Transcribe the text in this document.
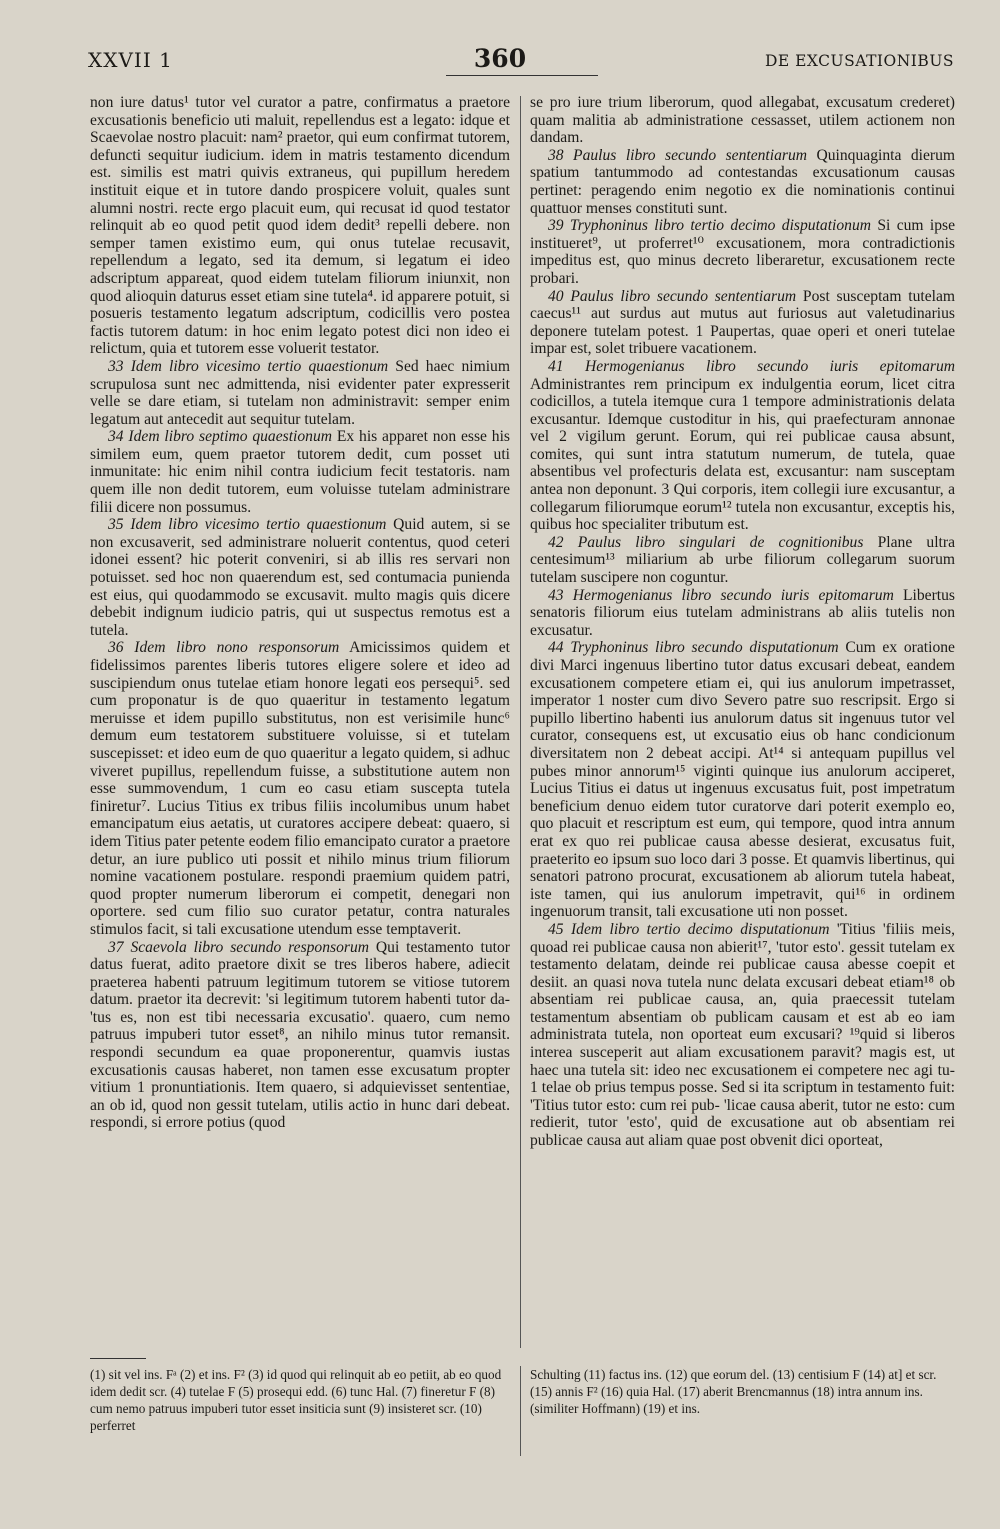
XXVII 1	360	DE EXCUSATIONIBUS

non iure datus¹ tutor vel curator a patre, confirmatus a praetore excusationis beneficio uti maluit, repellendus est a legato: idque et Scaevolae nostro placuit: nam² praetor, qui eum confirmat tutorem, defuncti sequitur iudicium. idem in matris testamento dicendum est. similis est matri quivis extraneus, qui pupillum heredem instituit eique et in tutore dando prospicere voluit, quales sunt alumni nostri. recte ergo placuit eum, qui recusat id quod testator relinquit ab eo quod petit quod idem dedit³ repelli debere. non semper tamen existimo eum, qui onus tutelae recusavit, repellendum a legato, sed ita demum, si legatum ei ideo adscriptum appareat, quod eidem tutelam filiorum iniunxit, non quod alioquin daturus esset etiam sine tutela⁴. id apparere potuit, si posueris testamento legatum adscriptum, codicillis vero postea factis tutorem datum: in hoc enim legato potest dici non ideo ei relictum, quia et tutorem esse voluerit testator.

33 Idem libro vicesimo tertio quaestionum Sed haec nimium scrupulosa sunt nec admittenda, nisi evidenter pater expresserit velle se dare etiam, si tutelam non administravit: semper enim legatum aut antecedit aut sequitur tutelam.

34 Idem libro septimo quaestionum Ex his apparet non esse his similem eum, quem praetor tutorem dedit, cum posset uti inmunitate: hic enim nihil contra iudicium fecit testatoris. nam quem ille non dedit tutorem, eum voluisse tutelam administrare filii dicere non possumus.

35 Idem libro vicesimo tertio quaestionum Quid autem, si se non excusaverit, sed administrare noluerit contentus, quod ceteri idonei essent? hic poterit conveniri, si ab illis res servari non potuisset. sed hoc non quaerendum est, sed contumacia punienda est eius, qui quodammodo se excusavit. multo magis quis dicere debebit indignum iudicio patris, qui ut suspectus remotus est a tutela.

36 Idem libro nono responsorum Amicissimos quidem et fidelissimos parentes liberis tutores eligere solere et ideo ad suscipiendum onus tutelae etiam honore legati eos persequi⁵. sed cum proponatur is de quo quaeritur in testamento legatum meruisse et idem pupillo substitutus, non est verisimile hunc⁶ demum eum testatorem substituere voluisse, si et tutelam suscepisset: et ideo eum de quo quaeritur a legato quidem, si adhuc viveret pupillus, repellendum fuisse, a substitutione autem non esse summovendum, 1 cum eo casu etiam suscepta tutela finiretur⁷. Lucius Titius ex tribus filiis incolumibus unum habet emancipatum eius aetatis, ut curatores accipere debeat: quaero, si idem Titius pater petente eodem filio emancipato curator a praetore detur, an iure publico uti possit et nihilo minus trium filiorum nomine vacationem postulare. respondi praemium quidem patri, quod propter numerum liberorum ei competit, denegari non oportere. sed cum filio suo curator petatur, contra naturales stimulos facit, si tali excusatione utendum esse temptaverit.

37 Scaevola libro secundo responsorum Qui testamento tutor datus fuerat, adito praetore dixit se tres liberos habere, adiecit praeterea habenti patruum legitimum tutorem se vitiose tutorem datum. praetor ita decrevit: 'si legitimum tutorem habenti tutor da- 'tus es, non est tibi necessaria excusatio'. quaero, cum nemo patruus impuberi tutor esset⁸, an nihilo minus tutor remansit. respondi secundum ea quae proponerentur, quamvis iustas excusationis causas haberet, non tamen esse excusatum propter vitium 1 pronuntiationis. Item quaero, si adquievisset sententiae, an ob id, quod non gessit tutelam, utilis actio in hunc dari debeat. respondi, si errore potius (quod

se pro iure trium liberorum, quod allegabat, excusatum crederet) quam malitia ab administratione cessasset, utilem actionem non dandam.

38 Paulus libro secundo sententiarum Quinquaginta dierum spatium tantummodo ad contestandas excusationum causas pertinet: peragendo enim negotio ex die nominationis continui quattuor menses constituti sunt.

39 Tryphoninus libro tertio decimo disputationum Si cum ipse institueret⁹, ut proferret¹⁰ excusationem, mora contradictionis impeditus est, quo minus decreto liberaretur, excusationem recte probari.

40 Paulus libro secundo sententiarum Post susceptam tutelam caecus¹¹ aut surdus aut mutus aut furiosus aut valetudinarius deponere tutelam potest. 1 Paupertas, quae operi et oneri tutelae impar est, solet tribuere vacationem.

41 Hermogenianus libro secundo iuris epitomarum Administrantes rem principum ex indulgentia eorum, licet citra codicillos, a tutela itemque cura 1 tempore administrationis delata excusantur. Idemque custoditur in his, qui praefecturam annonae vel 2 vigilum gerunt. Eorum, qui rei publicae causa absunt, comites, qui sunt intra statutum numerum, de tutela, quae absentibus vel profecturis delata est, excusantur: nam susceptam antea non deponunt. 3 Qui corporis, item collegii iure excusantur, a collegarum filiorumque eorum¹² tutela non excusantur, exceptis his, quibus hoc specialiter tributum est.

42 Paulus libro singulari de cognitionibus Plane ultra centesimum¹³ miliarium ab urbe filiorum collegarum suorum tutelam suscipere non coguntur.

43 Hermogenianus libro secundo iuris epitomarum Libertus senatoris filiorum eius tutelam administrans ab aliis tutelis non excusatur.

44 Tryphoninus libro secundo disputationum Cum ex oratione divi Marci ingenuus libertino tutor datus excusari debeat, eandem excusationem competere etiam ei, qui ius anulorum impetrasset, imperator 1 noster cum divo Severo patre suo rescripsit. Ergo si pupillo libertino habenti ius anulorum datus sit ingenuus tutor vel curator, consequens est, ut excusatio eius ob hanc condicionum diversitatem non 2 debeat accipi. At¹⁴ si antequam pupillus vel pubes minor annorum¹⁵ viginti quinque ius anulorum acciperet, Lucius Titius ei datus ut ingenuus excusatus fuit, post impetratum beneficium denuo eidem tutor curatorve dari poterit exemplo eo, quo placuit et rescriptum est eum, qui tempore, quod intra annum erat ex quo rei publicae causa abesse desierat, excusatus fuit, praeterito eo ipsum suo loco dari 3 posse. Et quamvis libertinus, qui senatori patrono procurat, excusationem ab aliorum tutela habeat, iste tamen, qui ius anulorum impetravit, qui¹⁶ in ordinem ingenuorum transit, tali excusatione uti non posset.

45 Idem libro tertio decimo disputationum 'Titius 'filiis meis, quoad rei publicae causa non abierit¹⁷, 'tutor esto'. gessit tutelam ex testamento delatam, deinde rei publicae causa abesse coepit et desiit. an quasi nova tutela nunc delata excusari debeat etiam¹⁸ ob absentiam rei publicae causa, an, quia praecessit tutelam testamentum absentiam ob publicam causam et est ab eo iam administrata tutela, non oporteat eum excusari? ¹⁹quid si liberos interea susceperit aut aliam excusationem paravit? magis est, ut haec una tutela sit: ideo nec excusationem ei competere nec agi tu- 1 telae ob prius tempus posse. Sed si ita scriptum in testamento fuit: 'Titius tutor esto: cum rei pub- 'licae causa aberit, tutor ne esto: cum redierit, tutor 'esto', quid de excusatione aut ob absentiam rei publicae causa aut aliam quae post obvenit dici oporteat,

(1) sit vel ins. Fᵃ (2) et ins. F² (3) id quod qui relinquit ab eo petiit, ab eo quod idem dedit scr. (4) tutelae F (5) prosequi edd. (6) tunc Hal. (7) fineretur F (8) cum nemo patruus impuberi tutor esset insiticia sunt (9) insisteret scr. (10) perferret
Schulting (11) factus ins. (12) que eorum del. (13) centisium F (14) at] et scr. (15) annis F² (16) quia Hal. (17) aberit Brencmannus (18) intra annum ins. (similiter Hoffmann) (19) et ins.
